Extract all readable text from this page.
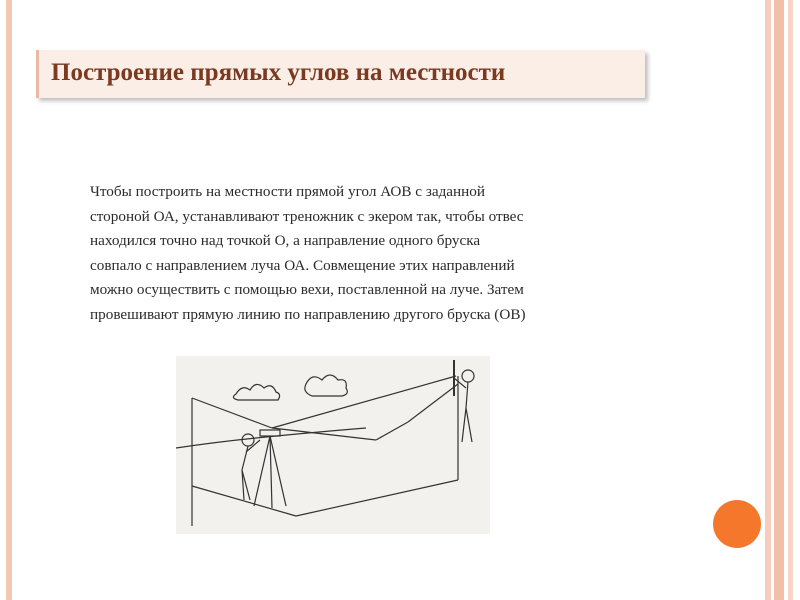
Построение прямых углов на местности
Чтобы построить на местности прямой угол АОВ с заданной
стороной ОА, устанавливают треножник с экером так, чтобы отвес
находился точно над точкой О, а направление одного бруска
совпало с направлением луча ОА. Совмещение этих направлений
можно осуществить с помощью вехи, поставленной на луче. Затем
провешивают прямую линию по направлению другого бруска (ОВ)
